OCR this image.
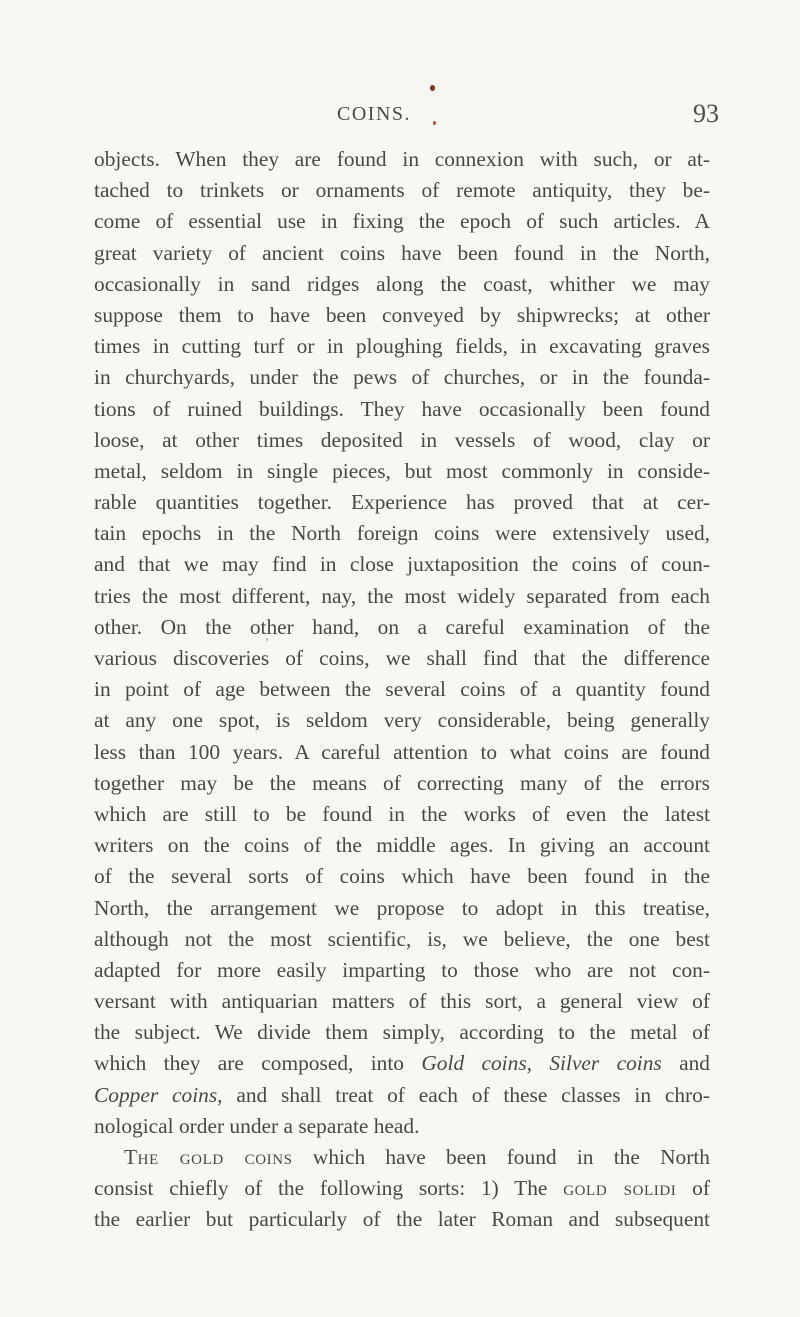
COINS.	93
objects. When they are found in connexion with such, or at-
tached to trinkets or ornaments of remote antiquity, they be-
come of essential use in fixing the epoch of such articles. A
great variety of ancient coins have been found in the North,
occasionally in sand ridges along the coast, whither we may
suppose them to have been conveyed by shipwrecks; at other
times in cutting turf or in ploughing fields, in excavating graves
in churchyards, under the pews of churches, or in the founda-
tions of ruined buildings. They have occasionally been found
loose, at other times deposited in vessels of wood, clay or
metal, seldom in single pieces, but most commonly in conside-
rable quantities together. Experience has proved that at cer-
tain epochs in the North foreign coins were extensively used,
and that we may find in close juxtaposition the coins of coun-
tries the most different, nay, the most widely separated from each
other. On the other hand, on a careful examination of the
various discoveries of coins, we shall find that the difference
in point of age between the several coins of a quantity found
at any one spot, is seldom very considerable, being generally
less than 100 years. A careful attention to what coins are found
together may be the means of correcting many of the errors
which are still to be found in the works of even the latest
writers on the coins of the middle ages. In giving an account
of the several sorts of coins which have been found in the
North, the arrangement we propose to adopt in this treatise,
although not the most scientific, is, we believe, the one best
adapted for more easily imparting to those who are not con-
versant with antiquarian matters of this sort, a general view of
the subject. We divide them simply, according to the metal of
which they are composed, into Gold coins, Silver coins and
Copper coins, and shall treat of each of these classes in chro-
nological order under a separate head.
The gold coins which have been found in the North
consist chiefly of the following sorts: 1) The gold solidi of
the earlier but particularly of the later Roman and subsequent
